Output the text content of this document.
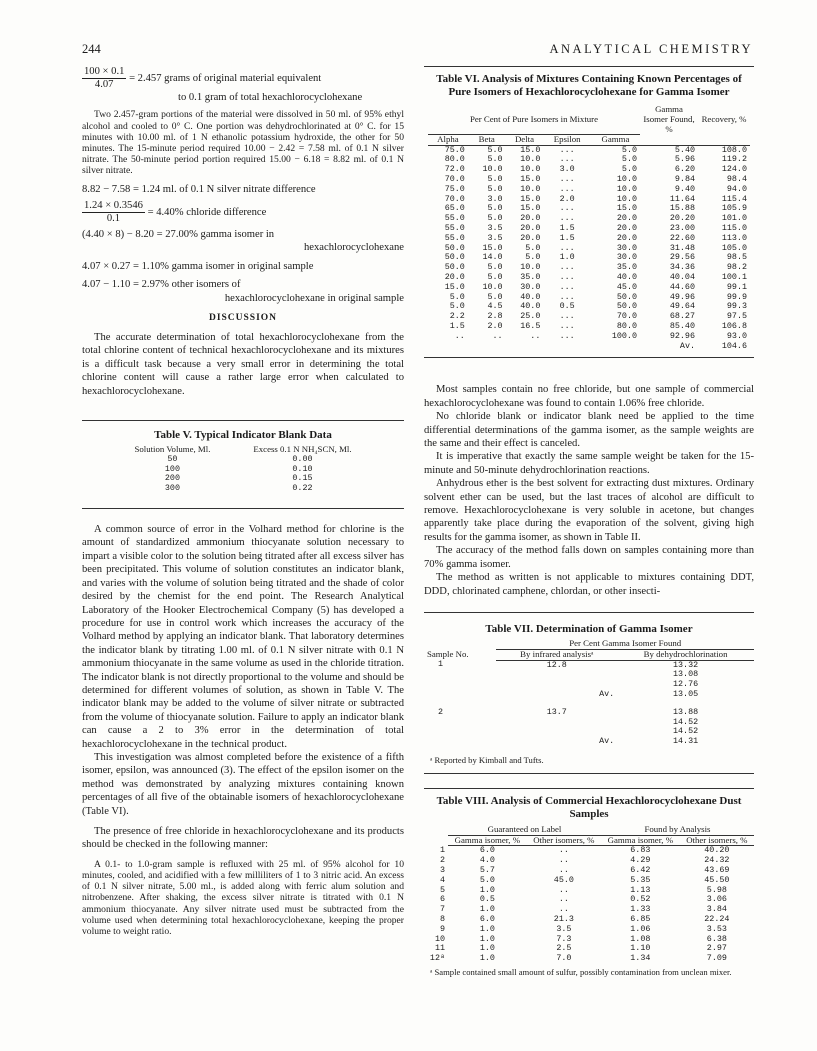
244	ANALYTICAL CHEMISTRY
$\frac{100 \times 0.1}{4.07} = 2.457$ grams of original material equivalent
to 0.1 gram of total hexachlorocyclohexane

Two 2.457-gram portions of the material were dissolved in 50 ml. of 95% ethyl alcohol and cooled to 0° C. One portion was dehydrochlorinated at 0° C. for 15 minutes with 10.00 ml. of 1 N ethanolic potassium hydroxide, the other for 50 minutes. The 15-minute period required 10.00 − 2.42 = 7.58 ml. of 0.1 N silver nitrate. The 50-minute period portion required 15.00 − 6.18 = 8.82 ml. of 0.1 N silver nitrate.

8.82 − 7.58 = 1.24 ml. of 0.1 N silver nitrate difference
$\frac{1.24 \times 0.3546}{0.1} = 4.40\%$ chloride difference
(4.40 × 8) − 8.20 = 27.00% gamma isomer in
hexachlorocyclohexane
4.07 × 0.27 = 1.10% gamma isomer in original sample
4.07 − 1.10 = 2.97% other isomers of
hexachlorocyclohexane in original sample
DISCUSSION

The accurate determination of total hexachlorocyclohexane from the total chlorine content of technical hexachlorocyclohexane and its mixtures is a difficult task because a very small error in determining the total chlorine content will cause a rather large error when calculated to hexachlorocyclohexane.

Table V. Typical Indicator Blank Data
Solution Volume, Ml.	Excess 0.1 N NH₄SCN, Ml.
50	0.00
100	0.10
200	0.15
300	0.22

A common source of error in the Volhard method for chlorine is the amount of standardized ammonium thiocyanate solution necessary to impart a visible color to the solution being titrated after all excess silver has been precipitated. This volume of solution constitutes an indicator blank, and varies with the volume of solution being titrated and the shade of color desired by the chemist for the end point. The Research Analytical Laboratory of the Hooker Electrochemical Company (5) has developed a procedure for use in control work which increases the accuracy of the Volhard method by applying an indicator blank. That laboratory determines the indicator blank by titrating 1.00 ml. of 0.1 N silver nitrate with 0.1 N ammonium thiocyanate in the same volume as used in the chloride titration. The indicator blank is not directly proportional to the volume and should be determined for different volumes of solution, as shown in Table V. The indicator blank may be added to the volume of silver nitrate or subtracted from the volume of thiocyanate solution. Failure to apply an indicator blank can cause a 2 to 3% error in the determination of total hexachlorocyclohexane in the technical product.

This investigation was almost completed before the existence of a fifth isomer, epsilon, was announced (3). The effect of the epsilon isomer on the method was demonstrated by analyzing mixtures containing known percentages of all five of the obtainable isomers of hexachlorocyclohexane (Table VI).

The presence of free chloride in hexachlorocyclohexane and its products should be checked in the following manner:

A 0.1- to 1.0-gram sample is refluxed with 25 ml. of 95% alcohol for 10 minutes, cooled, and acidified with a few milliliters of 1 to 3 nitric acid. An excess of 0.1 N silver nitrate, 5.00 ml., is added along with ferric alum solution and nitrobenzene. After shaking, the excess silver nitrate is titrated with 0.1 N ammonium thiocyanate. Any silver nitrate used must be subtracted from the volume used when determining total hexachlorocyclohexane, keeping the proper volume to weight ratio.

Table VI. Analysis of Mixtures Containing Known Percentages of Pure Isomers of Hexachlorocyclohexane for Gamma Isomer
Per Cent of Pure Isomers in Mixture					Gamma Isomer Found, %	Recovery, %
Alpha	Beta	Delta	Epsilon	Gamma		
75.0	5.0	15.0	...	5.0	5.40	108.0
80.0	5.0	10.0	...	5.0	5.96	119.2
72.0	10.0	10.0	3.0	5.0	6.20	124.0
70.0	5.0	15.0	...	10.0	9.84	98.4
75.0	5.0	10.0	...	10.0	9.40	94.0
70.0	3.0	15.0	2.0	10.0	11.64	115.4
65.0	5.0	15.0	...	15.0	15.88	105.9
55.0	5.0	20.0	...	20.0	20.20	101.0
55.0	3.5	20.0	1.5	20.0	23.00	115.0
55.0	3.5	20.0	1.5	20.0	22.60	113.0
50.0	15.0	5.0	...	30.0	31.48	105.0
50.0	14.0	5.0	1.0	30.0	29.56	98.5
50.0	5.0	10.0	...	35.0	34.36	98.2
20.0	5.0	35.0	...	40.0	40.04	100.1
15.0	10.0	30.0	...	45.0	44.60	99.1
5.0	5.0	40.0	...	50.0	49.96	99.9
5.0	4.5	40.0	0.5	50.0	49.64	99.3
2.2	2.8	25.0	...	70.0	68.27	97.5
1.5	2.0	16.5	...	80.0	85.40	106.8
..	..	..	...	100.0	92.96	93.0
					Av.	104.6

Most samples contain no free chloride, but one sample of commercial hexachlorocyclohexane was found to contain 1.06% free chloride.

No chloride blank or indicator blank need be applied to the time differential determinations of the gamma isomer, as the sample weights are the same and their effect is canceled.

It is imperative that exactly the same sample weight be taken for the 15-minute and 50-minute dehydrochlorination reactions.

Anhydrous ether is the best solvent for extracting dust mixtures. Ordinary solvent ether can be used, but the last traces of alcohol are difficult to remove. Hexachlorocyclohexane is very soluble in acetone, but changes apparently take place during the evaporation of the solvent, giving high results for the gamma isomer, as shown in Table II.

The accuracy of the method falls down on samples containing more than 70% gamma isomer.

The method as written is not applicable to mixtures containing DDT, DDD, chlorinated camphene, chlordan, or other insecti-

Table VII. Determination of Gamma Isomer
	Per Cent Gamma Isomer Found	
Sample No.	By infrared analysisᵃ	By dehydrochlorination
1	12.8	13.32
		13.08
		12.76
	Av.	13.05
2	13.7	13.88
		14.52
		14.52
	Av.	14.31
ᵃ Reported by Kimball and Tufts.
Table VIII. Analysis of Commercial Hexachlorocyclohexane Dust Samples
	Guaranteed on Label		Found by Analysis	
	Gamma isomer, %	Other isomers, %	Gamma isomer, %	Other isomers, %
1	6.0	..	6.83	40.20
2	4.0	..	4.29	24.32
3	5.7	..	6.42	43.69
4	5.0	45.0	5.35	45.50
5	1.0	..	1.13	5.98
6	0.5	..	0.52	3.06
7	1.0	..	1.33	3.84
8	6.0	21.3	6.85	22.24
9	1.0	3.5	1.06	3.53
10	1.0	7.3	1.08	6.38
11	1.0	2.5	1.10	2.97
12ᵃ	1.0	7.0	1.34	7.09
ᵃ Sample contained small amount of sulfur, possibly contamination from unclean mixer.
